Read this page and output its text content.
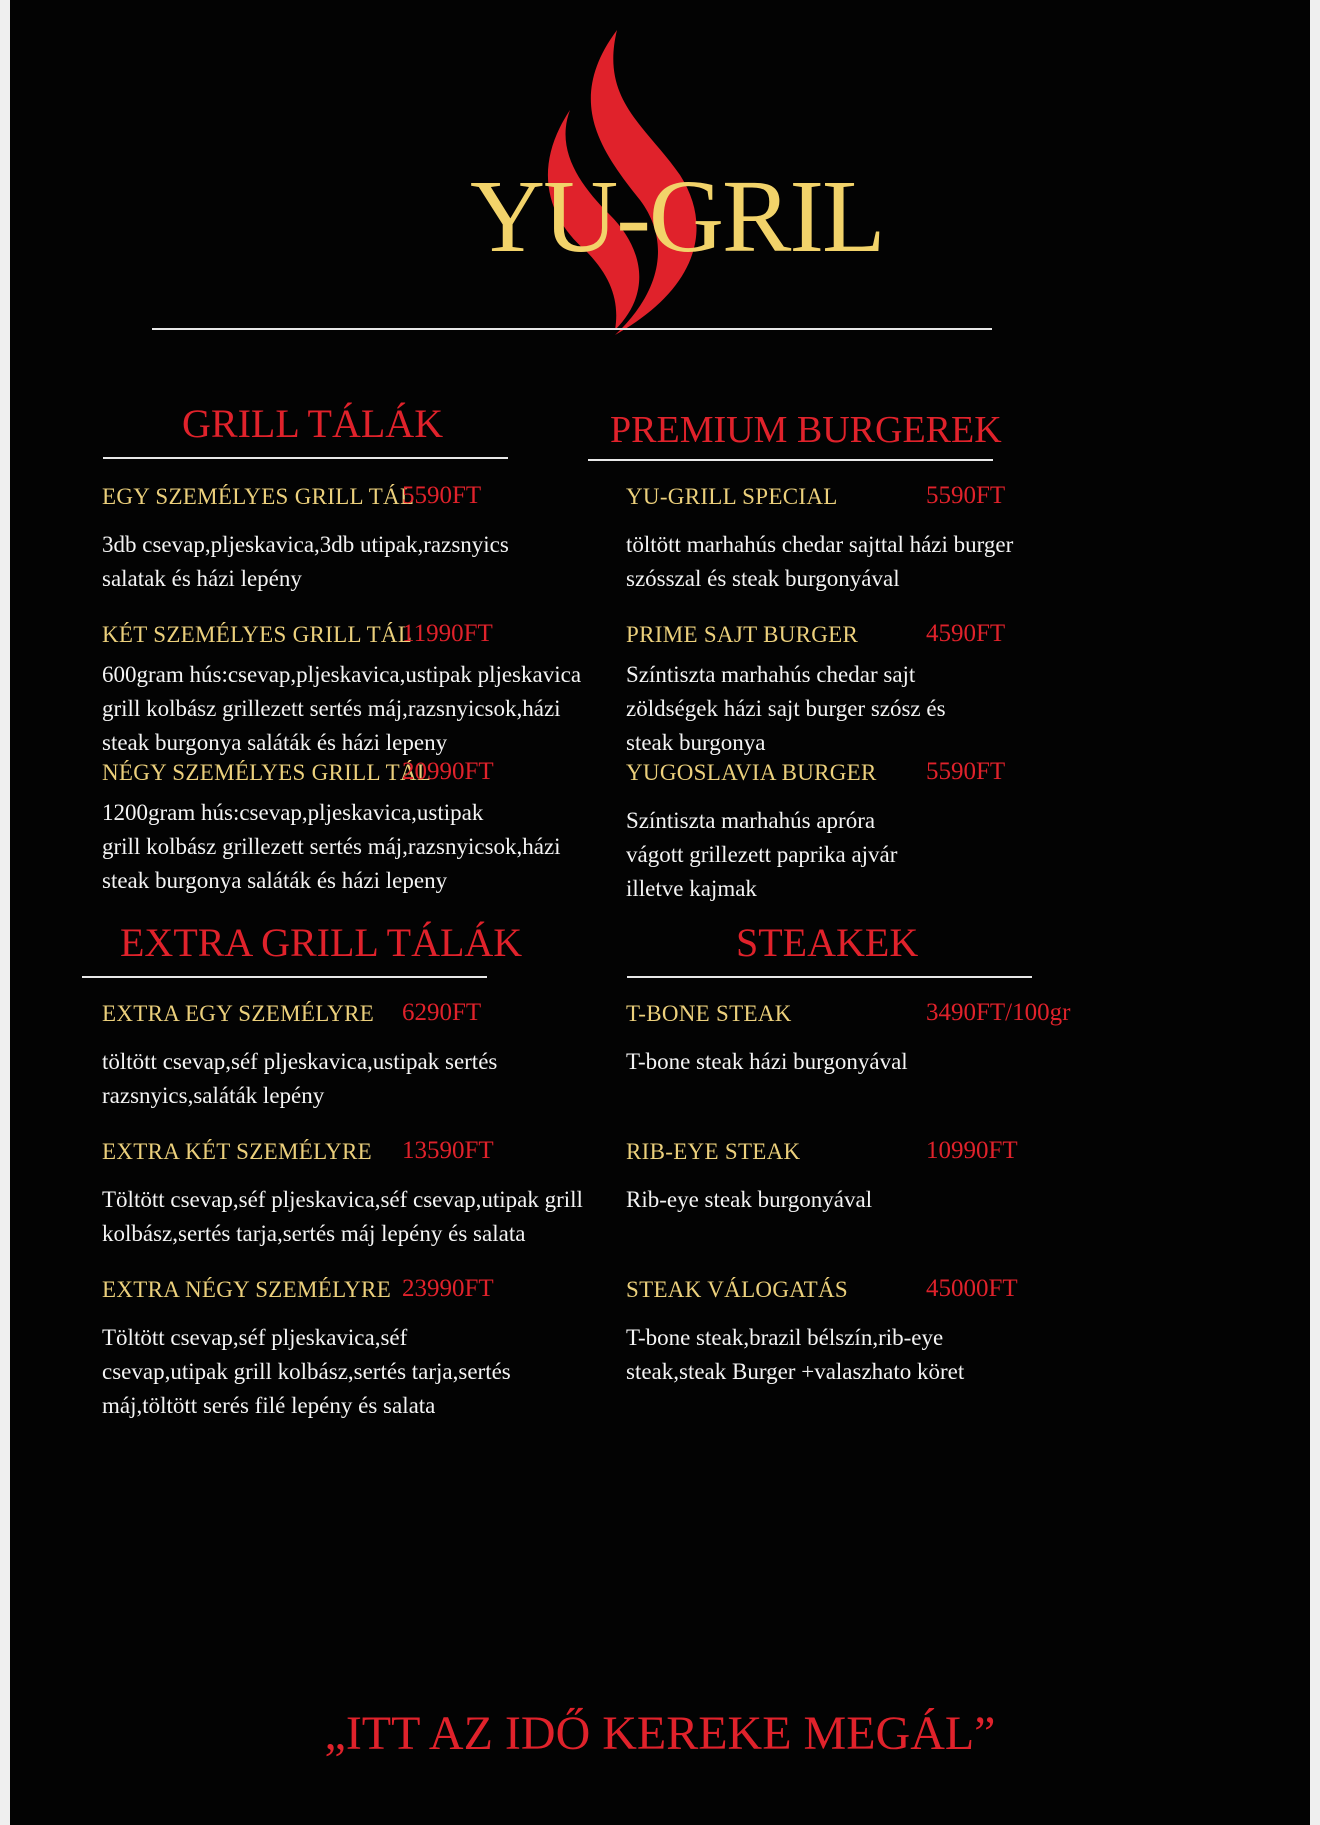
YU-GRIL
GRILL TÁLÁK	PREMIUM BURGEREK
EXTRA GRILL TÁLÁK	STEAKEK
EGY SZEMÉLYES GRILL TÁL
5590FT
3db csevap,pljeskavica,3db utipak,razsnyics
salatak és házi lepény
KÉT SZEMÉLYES GRILL TÁL
11990FT
600gram hús:csevap,pljeskavica,ustipak pljeskavica
grill kolbász grillezett sertés máj,razsnyicsok,házi
steak burgonya saláták és házi lepeny
NÉGY SZEMÉLYES GRILL TÁL
20990FT
1200gram hús:csevap,pljeskavica,ustipak
grill kolbász grillezett sertés máj,razsnyicsok,házi
steak burgonya saláták és házi lepeny
YU-GRILL SPECIAL	5590FT
töltött marhahús chedar sajttal házi burger
szósszal és steak burgonyával
PRIME SAJT BURGER	4590FT
Színtiszta marhahús chedar sajt
zöldségek házi sajt burger szósz és
steak burgonya
YUGOSLAVIA BURGER 5590FT
Színtiszta marhahús apróra
vágott grillezett paprika ajvár
illetve kajmak
EXTRA EGY SZEMÉLYRE 6290FT
töltött csevap,séf pljeskavica,ustipak sertés
razsnyics,saláták lepény
EXTRA KÉT SZEMÉLYRE 13590FT
Töltött csevap,séf pljeskavica,séf csevap,utipak grill
kolbász,sertés tarja,sertés máj lepény és salata
EXTRA NÉGY SZEMÉLYRE 23990FT
Töltött csevap,séf pljeskavica,séf
csevap,utipak grill kolbász,sertés tarja,sertés
máj,töltött serés filé lepény és salata
T-BONE STEAK	3490FT/100gr
T-bone steak házi burgonyával
RIB-EYE STEAK	10990FT
Rib-eye steak burgonyával
STEAK VÁLOGATÁS	45000FT
T-bone steak,brazil bélszín,rib-eye
steak,steak Burger +valaszhato köret
„ITT AZ IDŐ KEREKE MEGÁL”
